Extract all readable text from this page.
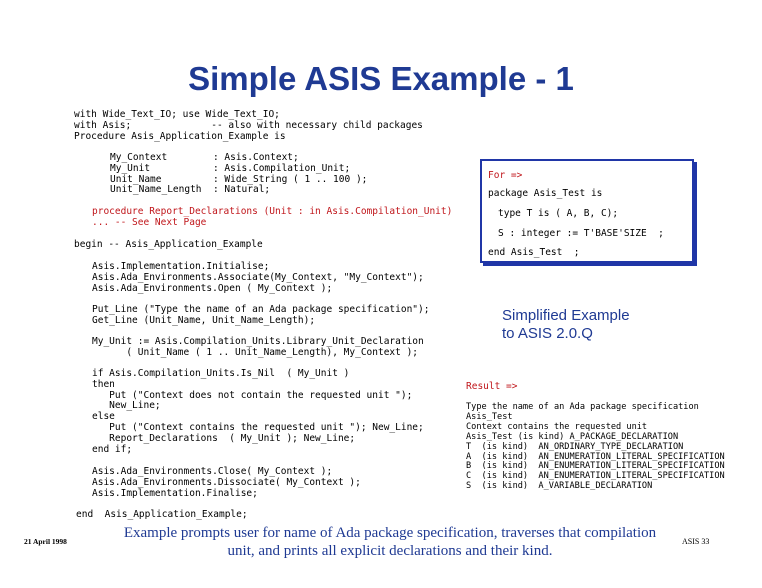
Simple ASIS Example - 1
with Wide_Text_IO; use Wide_Text_IO;
with Asis;              -- also with necessary child packages
Procedure Asis_Application_Example is
My_Context        : Asis.Context;
My_Unit           : Asis.Compilation_Unit;
Unit_Name         : Wide_String ( 1 .. 100 );
Unit_Name_Length  : Natural;
procedure Report_Declarations (Unit : in Asis.Compilation_Unit)
... -- See Next Page
begin -- Asis_Application_Example
Asis.Implementation.Initialise;
Asis.Ada_Environments.Associate(My_Context, "My_Context");
Asis.Ada_Environments.Open ( My_Context );
Put_Line ("Type the name of an Ada package specification");
Get_Line (Unit_Name, Unit_Name_Length);
My_Unit := Asis.Compilation_Units.Library_Unit_Declaration
( Unit_Name ( 1 .. Unit_Name_Length), My_Context );
if Asis.Compilation_Units.Is_Nil  ( My_Unit )
then
Put ("Context does not contain the requested unit ");
New_Line;
else
Put ("Context contains the requested unit "); New_Line;
Report_Declarations  ( My_Unit ); New_Line;
end if;
Asis.Ada_Environments.Close( My_Context );
Asis.Ada_Environments.Dissociate( My_Context );
Asis.Implementation.Finalise;
end  Asis_Application_Example;
For =>
package Asis_Test is
type T is ( A, B, C);
S : integer := T'BASE'SIZE  ;
end Asis_Test  ;
Simplified Example
to ASIS 2.0.Q
Result =>
Type the name of an Ada package specification
Asis_Test
Context contains the requested unit
Asis_Test (is kind) A_PACKAGE_DECLARATION
T  (is kind)  AN_ORDINARY_TYPE_DECLARATION
A  (is kind)  AN_ENUMERATION_LITERAL_SPECIFICATION
B  (is kind)  AN_ENUMERATION_LITERAL_SPECIFICATION
C  (is kind)  AN_ENUMERATION_LITERAL_SPECIFICATION
S  (is kind)  A_VARIABLE_DECLARATION
21 April 1998
Example prompts user for name of Ada package specification, traverses that compilation unit, and prints all explicit declarations and their kind.
ASIS 33
